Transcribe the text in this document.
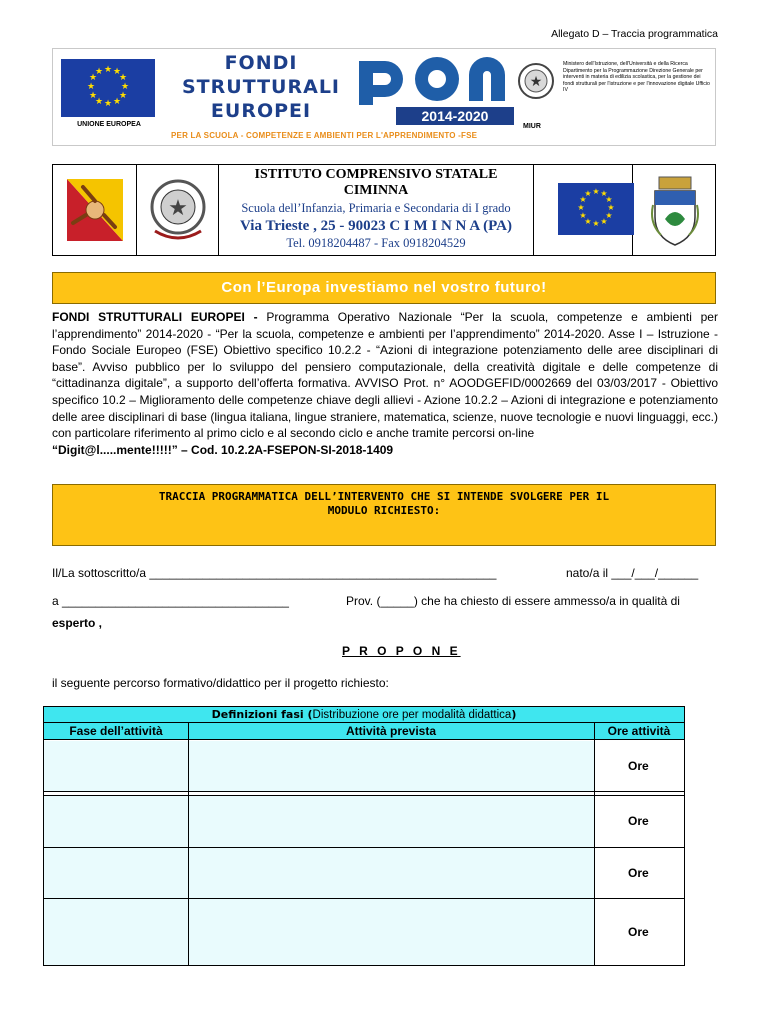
Allegato D – Traccia programmatica
★ ★
★
★
★
★
★
★
★
★
★
★
UNIONE EUROPEA
FONDI
STRUTTURALI
EUROPEI	2014-2020
★
MIUR
Ministero dell'Istruzione, dell'Università e della Ricerca Dipartimento per la Programmazione Direzione Generale per interventi in materia di edilizia scolastica, per la gestione dei fondi strutturali per l'istruzione e per l'innovazione digitale Ufficio IV
PER LA SCUOLA - COMPETENZE E AMBIENTI PER L'APPRENDIMENTO -FSE
★
ISTITUTO COMPRENSIVO STATALE
CIMINNA
Scuola dell’Infanzia, Primaria e Secondaria di I grado
Via Trieste , 25 - 90023 C I M I N N A (PA)
Tel. 0918204487 - Fax 0918204529
★ ★
★
★
★
★
★
★
★
★
★
★
Con l’Europa investiamo nel vostro futuro!
FONDI STRUTTURALI EUROPEI - Programma Operativo Nazionale “Per la scuola, competenze e ambienti per l’apprendimento” 2014-2020 - “Per la scuola, competenze e ambienti per l’apprendimento” 2014-2020. Asse I – Istruzione -Fondo Sociale Europeo (FSE) Obiettivo specifico 10.2.2 - “Azioni di integrazione potenziamento delle aree disciplinari di base”. Avviso pubblico per lo sviluppo del pensiero computazionale, della creatività digitale e delle competenze di “cittadinanza digitale”, a supporto dell’offerta formativa. AVVISO Prot. n° AOODGEFID/0002669 del 03/03/2017 - Obiettivo specifico 10.2 – Miglioramento delle competenze chiave degli allievi - Azione 10.2.2 – Azioni di integrazione e potenziamento delle aree disciplinari di base (lingua italiana, lingue straniere, matematica, scienze, nuove tecnologie e nuovi linguaggi, ecc.) con particolare riferimento al primo ciclo e al secondo ciclo e anche tramite percorsi on-line
“Digit@l.....mente!!!!!” – Cod. 10.2.2A-FSEPON-SI-2018-1409
TRACCIA PROGRAMMATICA DELL’INTERVENTO CHE SI INTENDE SVOLGERE PER IL
MODULO RICHIESTO:
Il/La sottoscritto/a ____________________________________________________	nato/a il ___/___/______
a __________________________________	Prov. (_____) che ha chiesto di essere ammesso/a in qualità di
esperto ,
P R O P O N E
il seguente percorso formativo/didattico per il progetto richiesto:
Definizioni fasi (Distribuzione ore per modalità didattica)
Fase dell’attività	Attività prevista	Ore attività
Ore
Ore
Ore
Ore
